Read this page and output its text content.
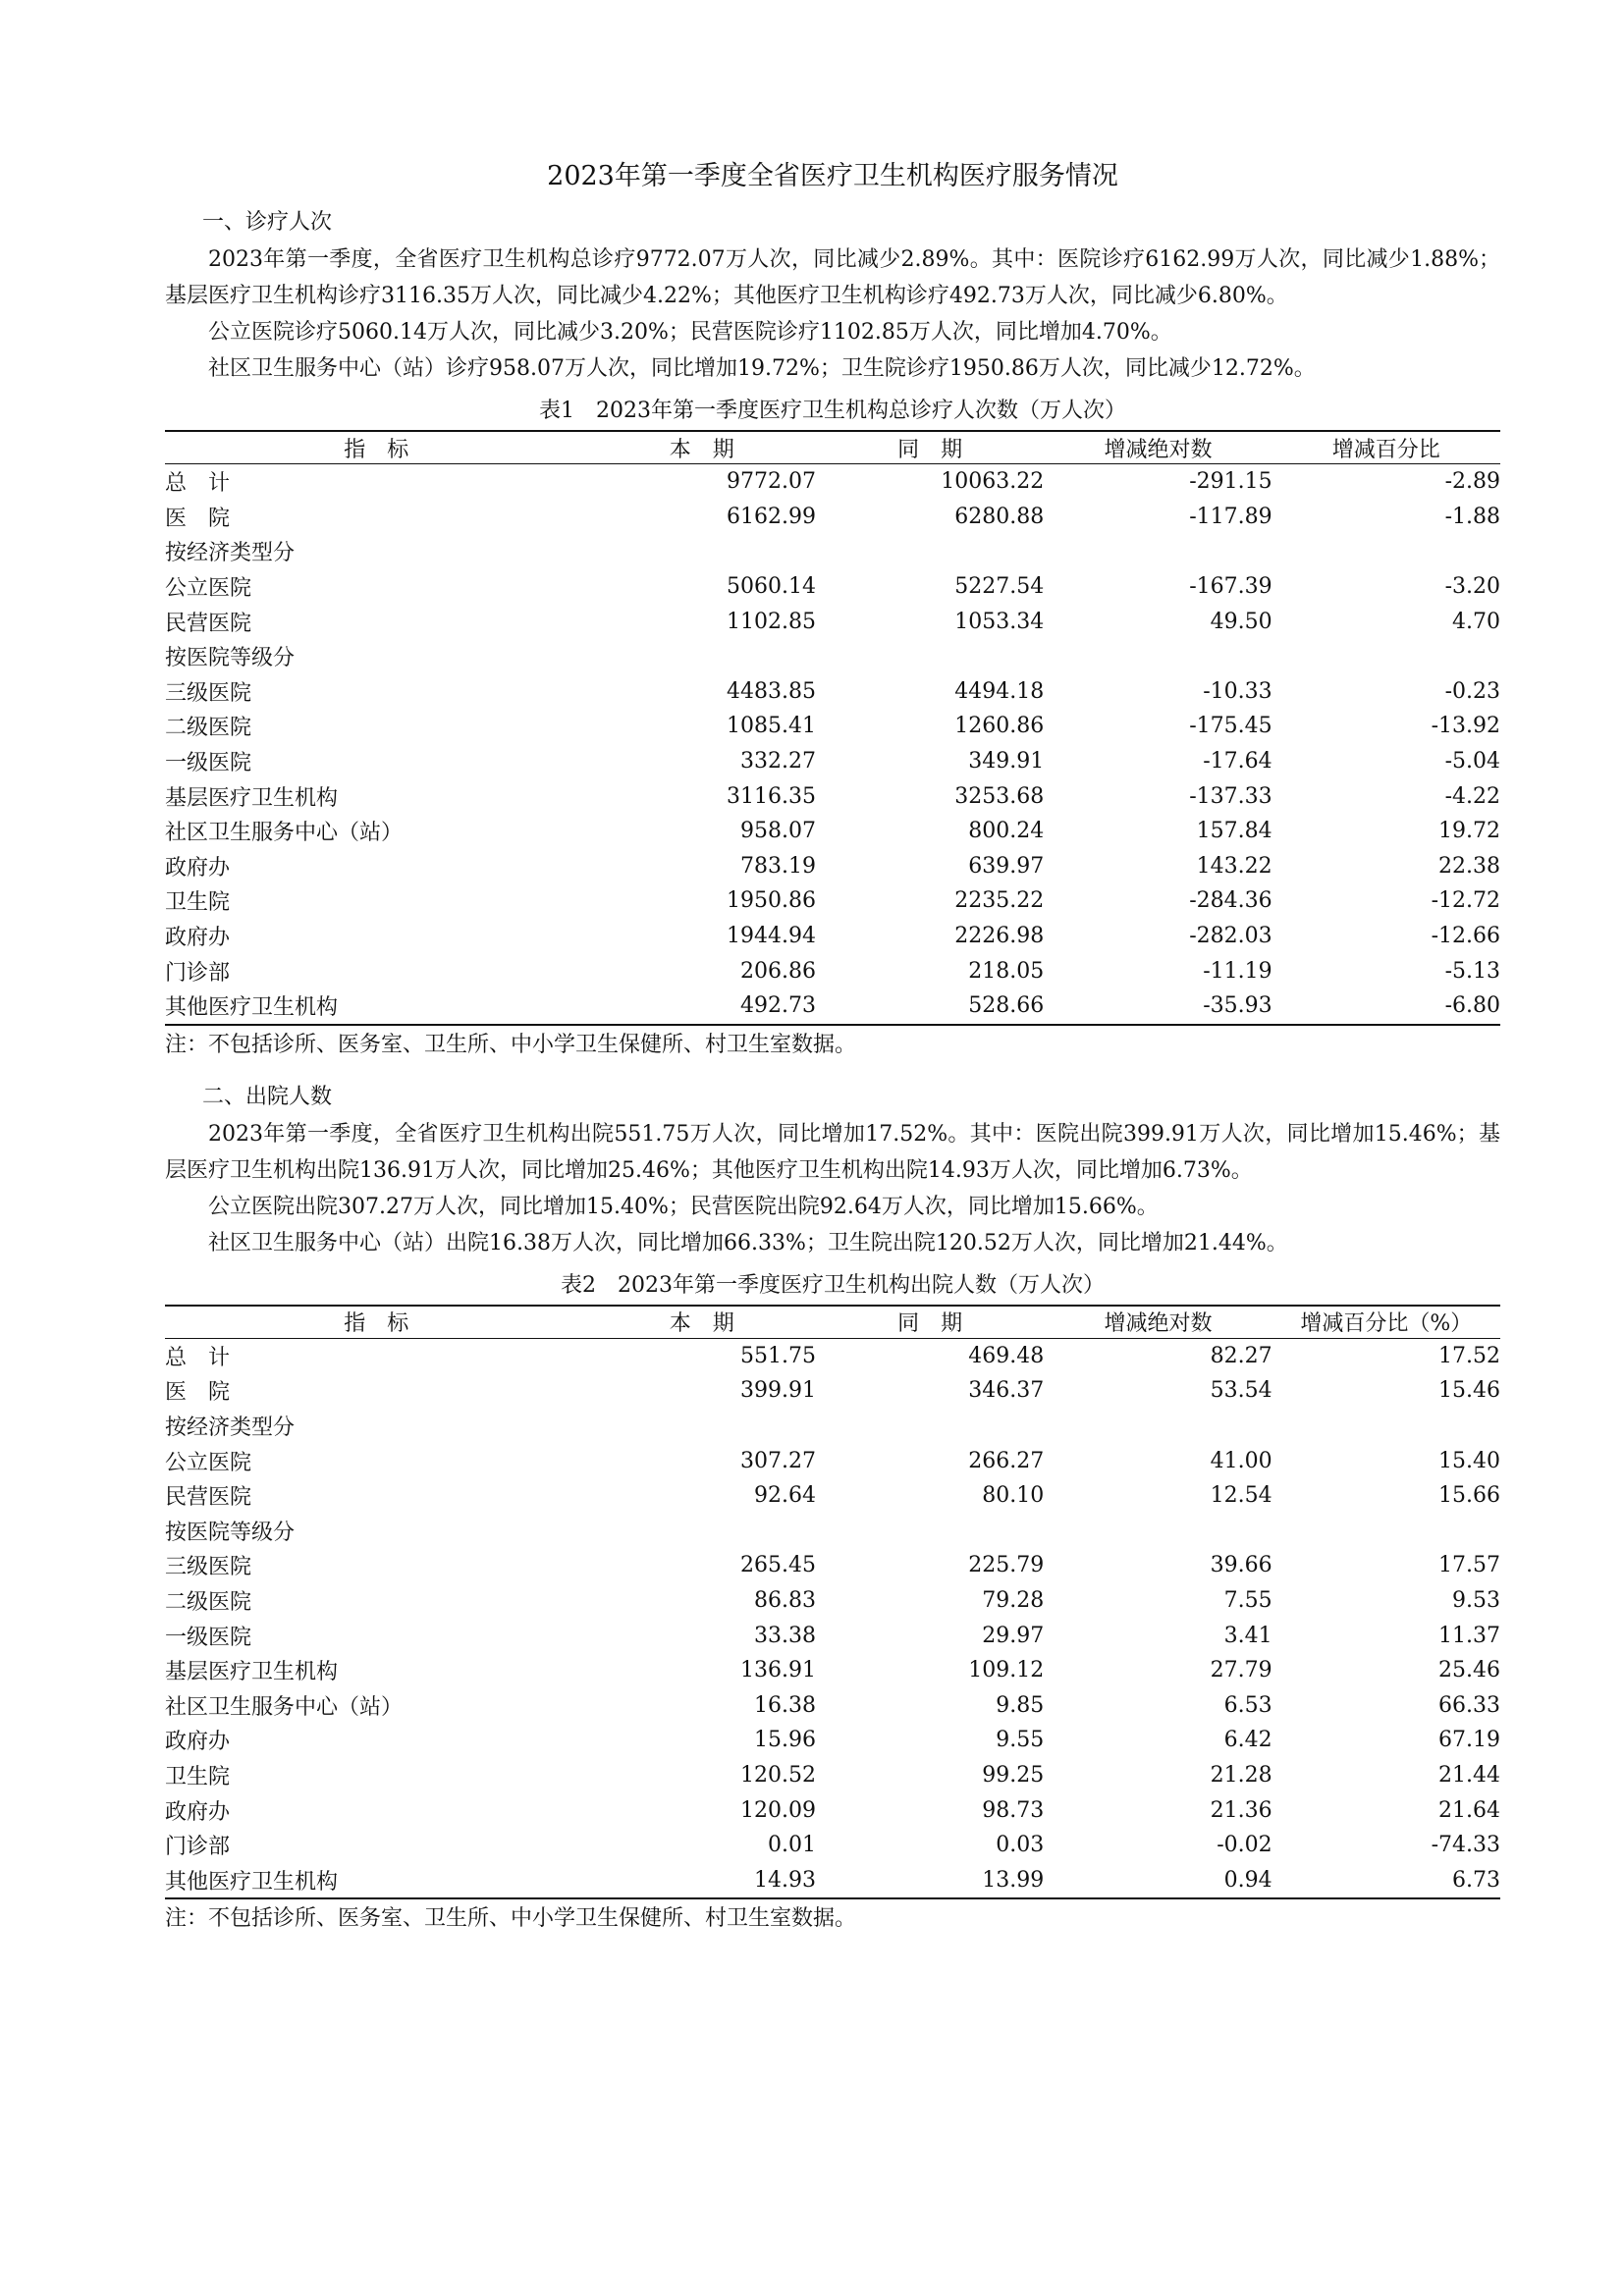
2023年第一季度全省医疗卫生机构医疗服务情况
一、诊疗人次

2023年第一季度，全省医疗卫生机构总诊疗9772.07万人次，同比减少2.89%。其中：医院诊疗6162.99万人次，同比减少1.88%；基层医疗卫生机构诊疗3116.35万人次，同比减少4.22%；其他医疗卫生机构诊疗492.73万人次，同比减少6.80%。

公立医院诊疗5060.14万人次，同比减少3.20%；民营医院诊疗1102.85万人次，同比增加4.70%。

社区卫生服务中心（站）诊疗958.07万人次，同比增加19.72%；卫生院诊疗1950.86万人次，同比减少12.72%。

表1　2023年第一季度医疗卫生机构总诊疗人次数（万人次）
指　标	本　期	同　期	增减绝对数	增减百分比
总　计	9772.07	10063.22	-291.15	-2.89
医　院	6162.99	6280.88	-117.89	-1.88
按经济类型分				
公立医院	5060.14	5227.54	-167.39	-3.20
民营医院	1102.85	1053.34	49.50	4.70
按医院等级分				
三级医院	4483.85	4494.18	-10.33	-0.23
二级医院	1085.41	1260.86	-175.45	-13.92
一级医院	332.27	349.91	-17.64	-5.04
基层医疗卫生机构	3116.35	3253.68	-137.33	-4.22
社区卫生服务中心（站）	958.07	800.24	157.84	19.72
政府办	783.19	639.97	143.22	22.38
卫生院	1950.86	2235.22	-284.36	-12.72
政府办	1944.94	2226.98	-282.03	-12.66
门诊部	206.86	218.05	-11.19	-5.13
其他医疗卫生机构	492.73	528.66	-35.93	-6.80
注：不包括诊所、医务室、卫生所、中小学卫生保健所、村卫生室数据。
二、出院人数

2023年第一季度，全省医疗卫生机构出院551.75万人次，同比增加17.52%。其中：医院出院399.91万人次，同比增加15.46%；基层医疗卫生机构出院136.91万人次，同比增加25.46%；其他医疗卫生机构出院14.93万人次，同比增加6.73%。

公立医院出院307.27万人次，同比增加15.40%；民营医院出院92.64万人次，同比增加15.66%。

社区卫生服务中心（站）出院16.38万人次，同比增加66.33%；卫生院出院120.52万人次，同比增加21.44%。

表2　2023年第一季度医疗卫生机构出院人数（万人次）
指　标	本　期	同　期	增减绝对数	增减百分比（%）
总　计	551.75	469.48	82.27	17.52
医　院	399.91	346.37	53.54	15.46
按经济类型分				
公立医院	307.27	266.27	41.00	15.40
民营医院	92.64	80.10	12.54	15.66
按医院等级分				
三级医院	265.45	225.79	39.66	17.57
二级医院	86.83	79.28	7.55	9.53
一级医院	33.38	29.97	3.41	11.37
基层医疗卫生机构	136.91	109.12	27.79	25.46
社区卫生服务中心（站）	16.38	9.85	6.53	66.33
政府办	15.96	9.55	6.42	67.19
卫生院	120.52	99.25	21.28	21.44
政府办	120.09	98.73	21.36	21.64
门诊部	0.01	0.03	-0.02	-74.33
其他医疗卫生机构	14.93	13.99	0.94	6.73
注：不包括诊所、医务室、卫生所、中小学卫生保健所、村卫生室数据。
